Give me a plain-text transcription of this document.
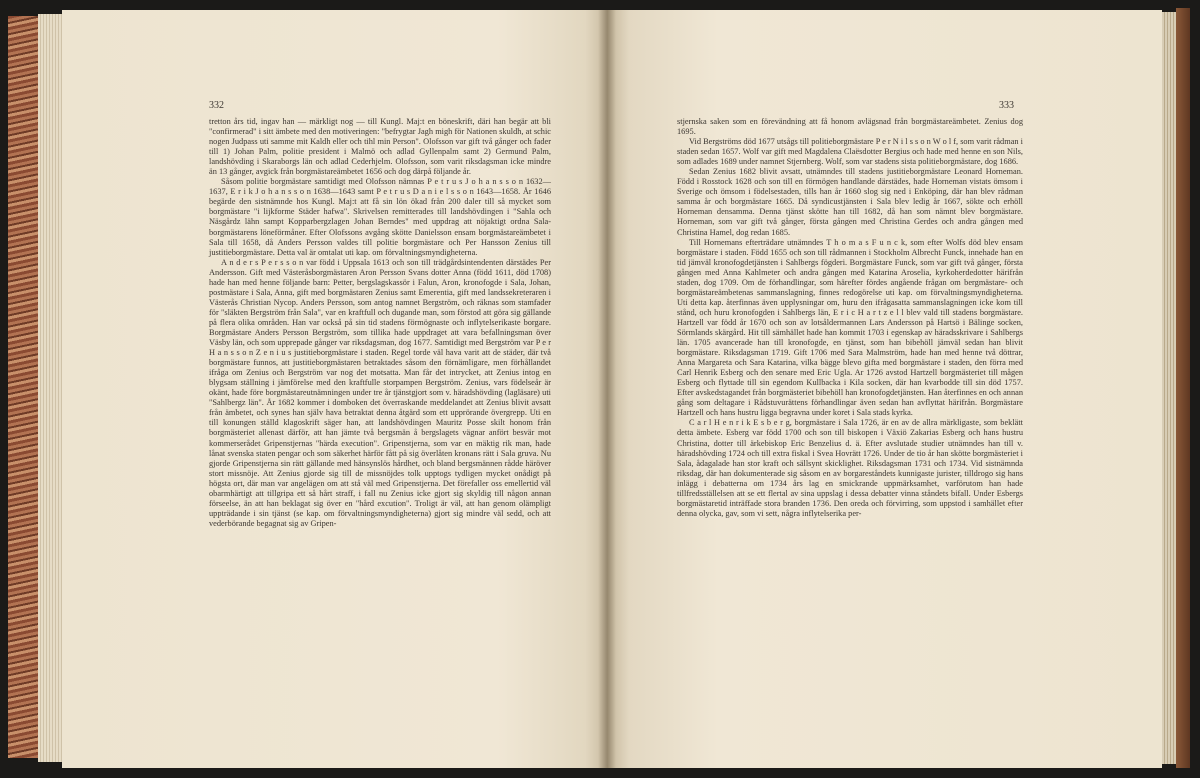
332	333

tretton års tid, ingav han — märkligt nog — till Kungl. Maj:t en böneskrift, däri han begär att bli "confirmerad" i sitt ämbete med den motiveringen: "befrygtar Jagh migh för Nationen skuldh, at schic nogen Judpass uti samme mit Kaldh eller och tihl min Person". Olofsson var gift två gånger och fader till 1) Johan Palm, politie president i Malmö och adlad Gyllenpalm samt 2) Germund Palm, landshövding i Skaraborgs län och adlad Cederhjelm. Olofsson, som varit riksdagsman icke mindre än 13 gånger, avgick från borgmästareämbetet 1656 och dog därpå följande år.

Såsom politie borgmästare samtidigt med Olofsson nämnas P e t r u s J o h a n s s o n 1632—1637, E r i k J o h a n s s o n 1638—1643 samt P e t r u s D a n i e l s s o n 1643—1658. År 1646 begärde den sistnämnde hos Kungl. Maj:t att få sin lön ökad från 200 daler till så mycket som borgmästare "i lijkforme Städer hafwa". Skrivelsen remitterades till landshövdingen i "Sahla och Näsgårdz lähn sampt Kopparbergzlagen Johan Berndes" med uppdrag att nöjaktigt ordna Sala-borgmästarens löneförmåner. Efter Olofssons avgång skötte Danielsson ensam borgmästareämbetet i Sala till 1658, då Anders Persson valdes till politie borgmästare och Per Hansson Zenius till justitieborgmästare. Detta val är omtalat uti kap. om förvaltningsmyndigheterna.

A n d e r s P e r s s o n var född i Uppsala 1613 och son till trädgårdsintendenten därstädes Per Andersson. Gift med Västeråsborgmästaren Aron Persson Svans dotter Anna (född 1611, död 1708) hade han med henne följande barn: Petter, bergslagskassör i Falun, Aron, kronofogde i Sala, Johan, postmästare i Sala, Anna, gift med borgmästaren Zenius samt Emerentia, gift med landssekreteraren i Västerås Christian Nycop. Anders Persson, som antog namnet Bergström, och räknas som stamfader för "släkten Bergström från Sala", var en kraftfull och dugande man, som förstod att göra sig gällande på flera olika områden. Han var också på sin tid stadens förmögnaste och inflytelserikaste borgare. Borgmästare Anders Persson Bergström, som tillika hade uppdraget att vara befallningsman över Väsby län, och som upprepade gånger var riksdagsman, dog 1677. Samtidigt med Bergström var P e r H a n s s o n Z e n i u s justitieborgmästare i staden. Regel torde väl hava varit att de städer, där två borgmästare funnos, att justitieborgmästaren betraktades såsom den förnämligare, men förhållandet ifråga om Zenius och Bergström var nog det motsatta. Man får det intrycket, att Zenius intog en blygsam ställning i jämförelse med den kraftfulle storpampen Bergström. Zenius, vars födelseår är okänt, hade före borgmästareutnämningen under tre år tjänstgjort som v. häradshövding (lagläsare) uti "Sahlbergz län". År 1682 kommer i domboken det överraskande meddelandet att Zenius blivit avsatt från ämbetet, och synes han själv hava betraktat denna åtgärd som ett upprörande övergrepp. Uti en till konungen ställd klagoskrift säger han, att landshövdingen Mauritz Posse skilt honom från borgmästeriet allenast därför, att han jämte två bergsmän å bergslagets vägnar anfört besvär mot kommerserådet Gripenstjernas "härda execution". Gripenstjerna, som var en mäktig rik man, hade lånat svenska staten pengar och som säkerhet härför fått på sig överlåten kronans rätt i Sala gruva. Nu gjorde Gripenstjerna sin rätt gällande med hänsynslös hårdhet, och bland bergsmännen rådde häröver stort missnöje. Att Zenius gjorde sig till de missnöjdes tolk upptogs tydligen mycket onådigt på högsta ort, där man var angelägen om att stå väl med Gripenstjerna. Det förefaller oss emellertid väl obarmhärtigt att tillgripa ett så hårt straff, i fall nu Zenius icke gjort sig skyldig till någon annan förseelse, än att han beklagat sig över en "hård excution". Troligt är väl, att han genom olämpligt uppträdande i sin tjänst (se kap. om förvaltningsmyndigheterna) gjort sig mindre väl sedd, och att vederbörande begagnat sig av Gripen-

stjernska saken som en förevändning att få honom avlägsnad från borgmästareämbetet. Zenius dog 1695.

Vid Bergströms död 1677 utsågs till politieborgmästare P e r N i l s s o n W o l f, som varit rådman i staden sedan 1657. Wolf var gift med Magdalena Claësdotter Bergius och hade med henne en son Nils, som adlades 1689 under namnet Stjernberg. Wolf, som var stadens sista politieborgmästare, dog 1686.

Sedan Zenius 1682 blivit avsatt, utnämndes till stadens justitieborgmästare Leonard Horneman. Född i Rosstock 1628 och son till en förmögen handlande därstädes, hade Horneman vistats ömsom i Sverige och ömsom i födelsestaden, tills han år 1660 slog sig ned i Enköping, där han blev rådman samma år och borgmästare 1665. Då syndicustjänsten i Sala blev ledig år 1667, sökte och erhöll Horneman densamma. Denna tjänst skötte han till 1682, då han som nämnt blev borgmästare. Horneman, som var gift två gånger, första gången med Christina Gerdes och andra gången med Christina Hamel, dog redan 1685.

Till Hornemans efterträdare utnämndes T h o m a s F u n c k, som efter Wolfs död blev ensam borgmästare i staden. Född 1655 och son till rådmannen i Stockholm Albrecht Funck, innehade han en tid jämväl kronofogdetjänsten i Sahlbergs fögderi. Borgmästare Funck, som var gift två gånger, första gången med Anna Kahlmeter och andra gången med Katarina Aroselia, kyrkoherdedotter härifrån staden, dog 1709. Om de förhandlingar, som härefter fördes angående frågan om bergmästare- och borgmästareämbetenas sammanslagning, finnes redogörelse uti kap. om förvaltningsmyndigheterna. Uti detta kap. återfinnas även upplysningar om, huru den ifrågasatta sammanslagningen icke kom till stånd, och huru kronofogden i Sahlbergs län, E r i c H a r t z e l l blev vald till stadens borgmästare. Hartzell var född år 1670 och son av lotsåldermannen Lars Andersson på Hartsö i Bälinge socken, Sörmlands skärgård. Hit till sämhället hade han kommit 1703 i egenskap av häradsskrivare i Sahlbergs län. 1705 avancerade han till kronofogde, en tjänst, som han bibehöll jämväl sedan han blivit borgmästare. Riksdagsman 1719. Gift 1706 med Sara Malmström, hade han med henne två döttrar, Anna Margareta och Sara Katarina, vilka bägge blevo gifta med borgmästare i staden, den förra med Carl Henrik Esberg och den senare med Eric Ugla. Ar 1726 avstod Hartzell borgmästeriet till mågen Esberg och flyttade till sin egendom Kullbacka i Kila socken, där han kvarbodde till sin död 1757. Efter avskedstagandet från borgmästeriet bibehöll han kronofogdetjänsten. Han återfinnes en och annan gång som deltagare i Rådstuvurättens förhandlingar även sedan han avflyttat härifrån. Borgmästare Hartzell och hans hustru ligga begravna under koret i Sala stads kyrka.

C a r l H e n r i k E s b e r g, borgmästare i Sala 1726, är en av de allra märkligaste, som beklätt detta ämbete. Esberg var född 1700 och son till biskopen i Växiö Zakarias Esberg och hans hustru Christina, dotter till ärkebiskop Eric Benzelius d. ä. Efter avslutade studier utnämndes han till v. häradshövding 1724 och till extra fiskal i Svea Hovrätt 1726. Under de tio år han skötte borgmästeriet i Sala, ådagalade han stor kraft och sällsynt skicklighet. Riksdagsman 1731 och 1734. Vid sistnämnda riksdag, där han dokumenterade sig såsom en av borgareståndets kunnigaste jurister, tilldrogo sig hans inlägg i debatterna om 1734 års lag en smickrande uppmärksamhet, varförutom han hade tillfredsställelsen att se ett flertal av sina uppslag i dessa debatter vinna ståndets bifall. Under Esbergs borgmästaretid inträffade stora branden 1736. Den oreda och förvirring, som uppstod i samhället efter denna olycka, gav, som vi sett, några inflytelserika per-
